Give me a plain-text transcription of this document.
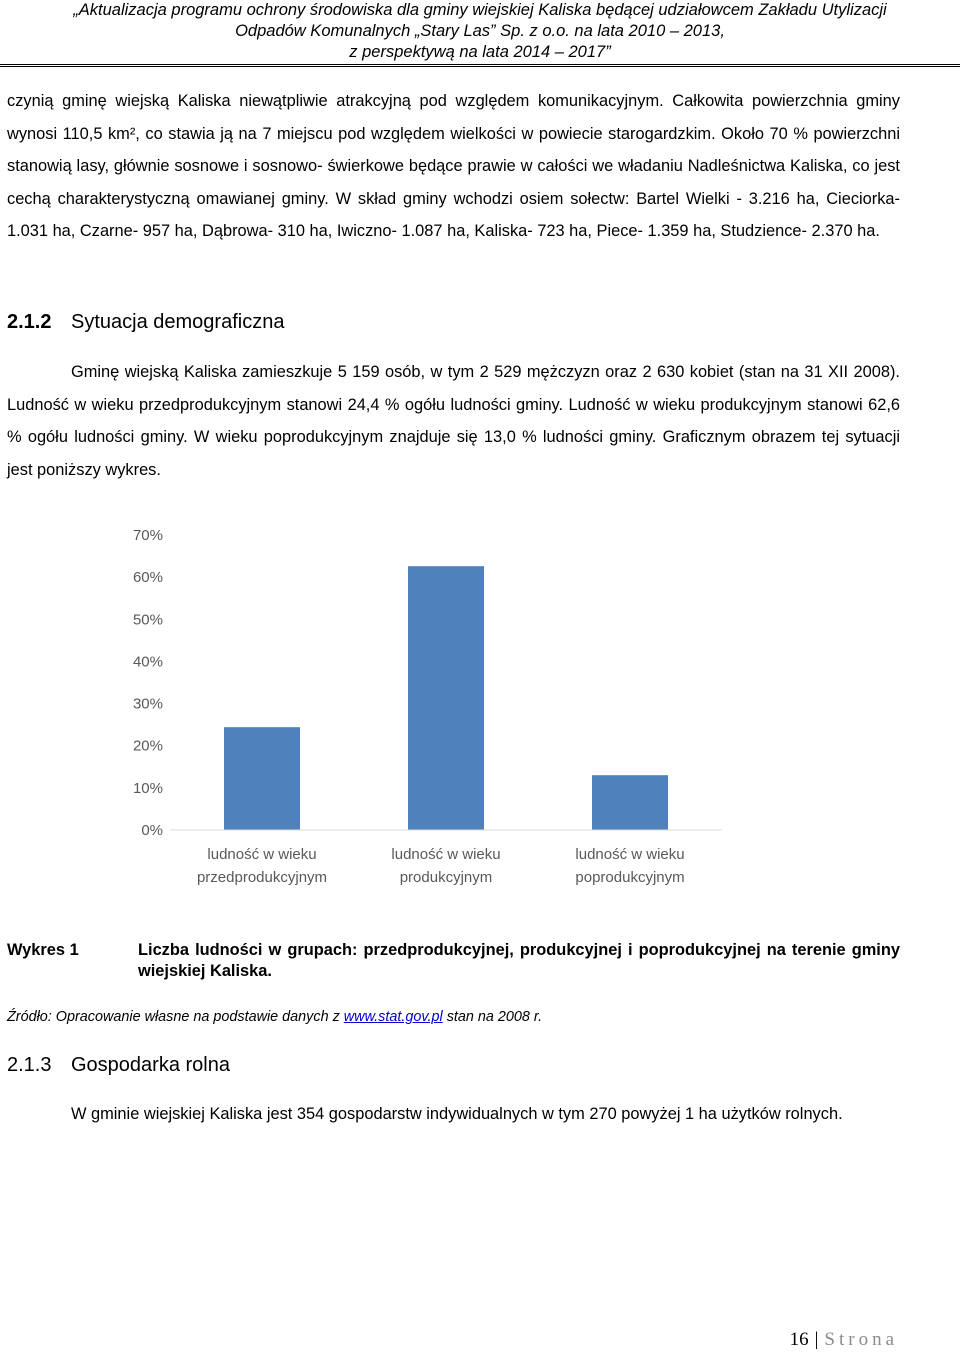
„Aktualizacja programu ochrony środowiska dla gminy wiejskiej Kaliska będącej udziałowcem Zakładu Utylizacji
Odpadów Komunalnych „Stary Las” Sp. z o.o. na lata 2010 – 2013,
z perspektywą na lata 2014 – 2017”
czynią gminę wiejską Kaliska niewątpliwie atrakcyjną pod względem komunikacyjnym. Całkowita powierzchnia gminy wynosi 110,5 km², co stawia ją na 7 miejscu pod względem wielkości w powiecie starogardzkim. Około 70 % powierzchni stanowią lasy, głównie sosnowe i sosnowo- świerkowe będące prawie w całości we władaniu Nadleśnictwa Kaliska, co jest cechą charakterystyczną omawianej gminy. W skład gminy wchodzi osiem sołectw: Bartel Wielki - 3.216 ha, Cieciorka- 1.031 ha, Czarne- 957 ha, Dąbrowa- 310 ha, Iwiczno- 1.087 ha, Kaliska- 723 ha, Piece- 1.359 ha, Studzience- 2.370 ha.
2.1.2 Sytuacja demograficzna
Gminę wiejską Kaliska zamieszkuje 5 159 osób, w tym 2 529 mężczyzn oraz 2 630 kobiet (stan na 31 XII 2008). Ludność w wieku przedprodukcyjnym stanowi 24,4 % ogółu ludności gminy. Ludność w wieku produkcyjnym stanowi 62,6 % ogółu ludności gminy. W wieku poprodukcyjnym znajduje się 13,0 % ludności gminy. Graficznym obrazem tej sytuacji jest poniższy wykres.
0%
10%
20%
30%
40%
50%
60%
70%
ludność w wieku
przedprodukcyjnym
ludność w wieku
produkcyjnym
ludność w wieku
poprodukcyjnym
Wykres 1	Liczba ludności w grupach: przedprodukcyjnej, produkcyjnej i poprodukcyjnej na terenie gminy wiejskiej Kaliska.
Źródło: Opracowanie własne na podstawie danych z www.stat.gov.pl stan na 2008 r.
2.1.3 Gospodarka rolna
W gminie wiejskiej Kaliska jest 354 gospodarstw indywidualnych w tym 270 powyżej 1 ha użytków rolnych.
16 | Strona
